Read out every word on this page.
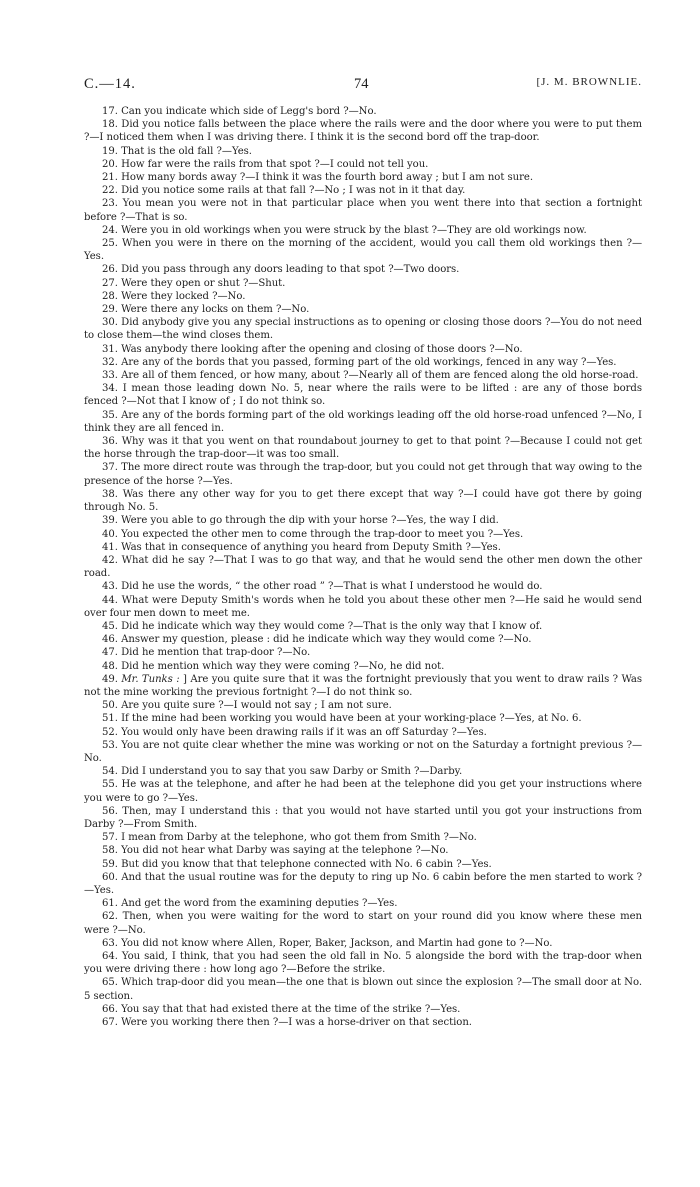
C.—14.	74	[J. M. BROWNLIE.

17. Can you indicate which side of Legg's bord ?—No.

18. Did you notice falls between the place where the rails were and the door where you were to put them ?—I noticed them when I was driving there. I think it is the second bord off the trap-door.

19. That is the old fall ?—Yes.

20. How far were the rails from that spot ?—I could not tell you.

21. How many bords away ?—I think it was the fourth bord away ; but I am not sure.

22. Did you notice some rails at that fall ?—No ; I was not in it that day.

23. You mean you were not in that particular place when you went there into that section a fortnight before ?—That is so.

24. Were you in old workings when you were struck by the blast ?—They are old workings now.

25. When you were in there on the morning of the accident, would you call them old workings then ?—Yes.

26. Did you pass through any doors leading to that spot ?—Two doors.

27. Were they open or shut ?—Shut.

28. Were they locked ?—No.

29. Were there any locks on them ?—No.

30. Did anybody give you any special instructions as to opening or closing those doors ?—You do not need to close them—the wind closes them.

31. Was anybody there looking after the opening and closing of those doors ?—No.

32. Are any of the bords that you passed, forming part of the old workings, fenced in any way ?—Yes.

33. Are all of them fenced, or how many, about ?—Nearly all of them are fenced along the old horse-road.

34. I mean those leading down No. 5, near where the rails were to be lifted : are any of those bords fenced ?—Not that I know of ; I do not think so.

35. Are any of the bords forming part of the old workings leading off the old horse-road unfenced ?—No, I think they are all fenced in.

36. Why was it that you went on that roundabout journey to get to that point ?—Because I could not get the horse through the trap-door—it was too small.

37. The more direct route was through the trap-door, but you could not get through that way owing to the presence of the horse ?—Yes.

38. Was there any other way for you to get there except that way ?—I could have got there by going through No. 5.

39. Were you able to go through the dip with your horse ?—Yes, the way I did.

40. You expected the other men to come through the trap-door to meet you ?—Yes.

41. Was that in consequence of anything you heard from Deputy Smith ?—Yes.

42. What did he say ?—That I was to go that way, and that he would send the other men down the other road.

43. Did he use the words, “ the other road ” ?—That is what I understood he would do.

44. What were Deputy Smith's words when he told you about these other men ?—He said he would send over four men down to meet me.

45. Did he indicate which way they would come ?—That is the only way that I know of.

46. Answer my question, please : did he indicate which way they would come ?—No.

47. Did he mention that trap-door ?—No.

48. Did he mention which way they were coming ?—No, he did not.

49. Mr. Tunks : ] Are you quite sure that it was the fortnight previously that you went to draw rails ? Was not the mine working the previous fortnight ?—I do not think so.

50. Are you quite sure ?—I would not say ; I am not sure.

51. If the mine had been working you would have been at your working-place ?—Yes, at No. 6.

52. You would only have been drawing rails if it was an off Saturday ?—Yes.

53. You are not quite clear whether the mine was working or not on the Saturday a fortnight previous ?—No.

54. Did I understand you to say that you saw Darby or Smith ?—Darby.

55. He was at the telephone, and after he had been at the telephone did you get your instructions where you were to go ?—Yes.

56. Then, may I understand this : that you would not have started until you got your instructions from Darby ?—From Smith.

57. I mean from Darby at the telephone, who got them from Smith ?—No.

58. You did not hear what Darby was saying at the telephone ?—No.

59. But did you know that that telephone connected with No. 6 cabin ?—Yes.

60. And that the usual routine was for the deputy to ring up No. 6 cabin before the men started to work ?—Yes.

61. And get the word from the examining deputies ?—Yes.

62. Then, when you were waiting for the word to start on your round did you know where these men were ?—No.

63. You did not know where Allen, Roper, Baker, Jackson, and Martin had gone to ?—No.

64. You said, I think, that you had seen the old fall in No. 5 alongside the bord with the trap-door when you were driving there : how long ago ?—Before the strike.

65. Which trap-door did you mean—the one that is blown out since the explosion ?—The small door at No. 5 section.

66. You say that that had existed there at the time of the strike ?—Yes.

67. Were you working there then ?—I was a horse-driver on that section.
